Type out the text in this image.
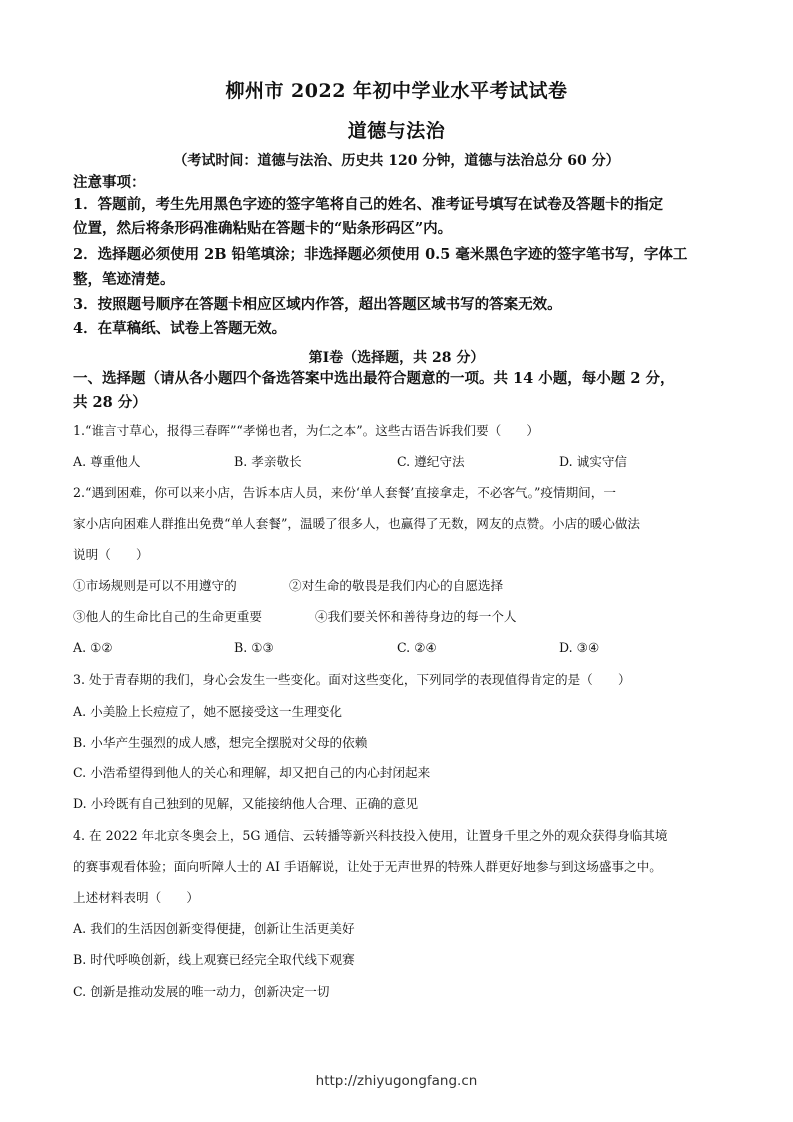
柳州市 2022 年初中学业水平考试试卷
道德与法治
（考试时间：道德与法治、历史共 120 分钟，道德与法治总分 60 分）
注意事项：
1．答题前，考生先用黑色字迹的签字笔将自己的姓名、准考证号填写在试卷及答题卡的指定
位置，然后将条形码准确粘贴在答题卡的“贴条形码区”内。
2．选择题必须使用 2B 铅笔填涂；非选择题必须使用 0.5 毫米黑色字迹的签字笔书写，字体工
整，笔迹清楚。
3．按照题号顺序在答题卡相应区域内作答，超出答题区域书写的答案无效。
4．在草稿纸、试卷上答题无效。
第Ⅰ卷（选择题，共 28 分）
一、选择题（请从各小题四个备选答案中选出最符合题意的一项。共 14 小题，每小题 2 分，
共 28 分）
1.“谁言寸草心，报得三春晖”“孝悌也者，为仁之本”。这些古语告诉我们要（　　）
A. 尊重他人	B. 孝亲敬长	C. 遵纪守法	D. 诚实守信
2.“遇到困难，你可以来小店，告诉本店人员，来份‘单人套餐’直接拿走，不必客气。”疫情期间，一
家小店向困难人群推出免费“单人套餐”，温暖了很多人，也赢得了无数，网友的点赞。小店的暖心做法
说明（　　）
①市场规则是可以不用遵守的	②对生命的敬畏是我们内心的自愿选择
③他人的生命比自己的生命更重要	④我们要关怀和善待身边的每一个人
A. ①②	B. ①③	C. ②④	D. ③④
3. 处于青春期的我们，身心会发生一些变化。面对这些变化，下列同学的表现值得肯定的是（　　）
A. 小美脸上长痘痘了，她不愿接受这一生理变化
B. 小华产生强烈的成人感，想完全摆脱对父母的依赖
C. 小浩希望得到他人的关心和理解，却又把自己的内心封闭起来
D. 小玲既有自己独到的见解，又能接纳他人合理、正确的意见
4. 在 2022 年北京冬奥会上，5G 通信、云转播等新兴科技投入使用，让置身千里之外的观众获得身临其境
的赛事观看体验；面向听障人士的 AI 手语解说，让处于无声世界的特殊人群更好地参与到这场盛事之中。
上述材料表明（　　）
A. 我们的生活因创新变得便捷，创新让生活更美好
B. 时代呼唤创新，线上观赛已经完全取代线下观赛
C. 创新是推动发展的唯一动力，创新决定一切
http://zhiyugongfang.cn
